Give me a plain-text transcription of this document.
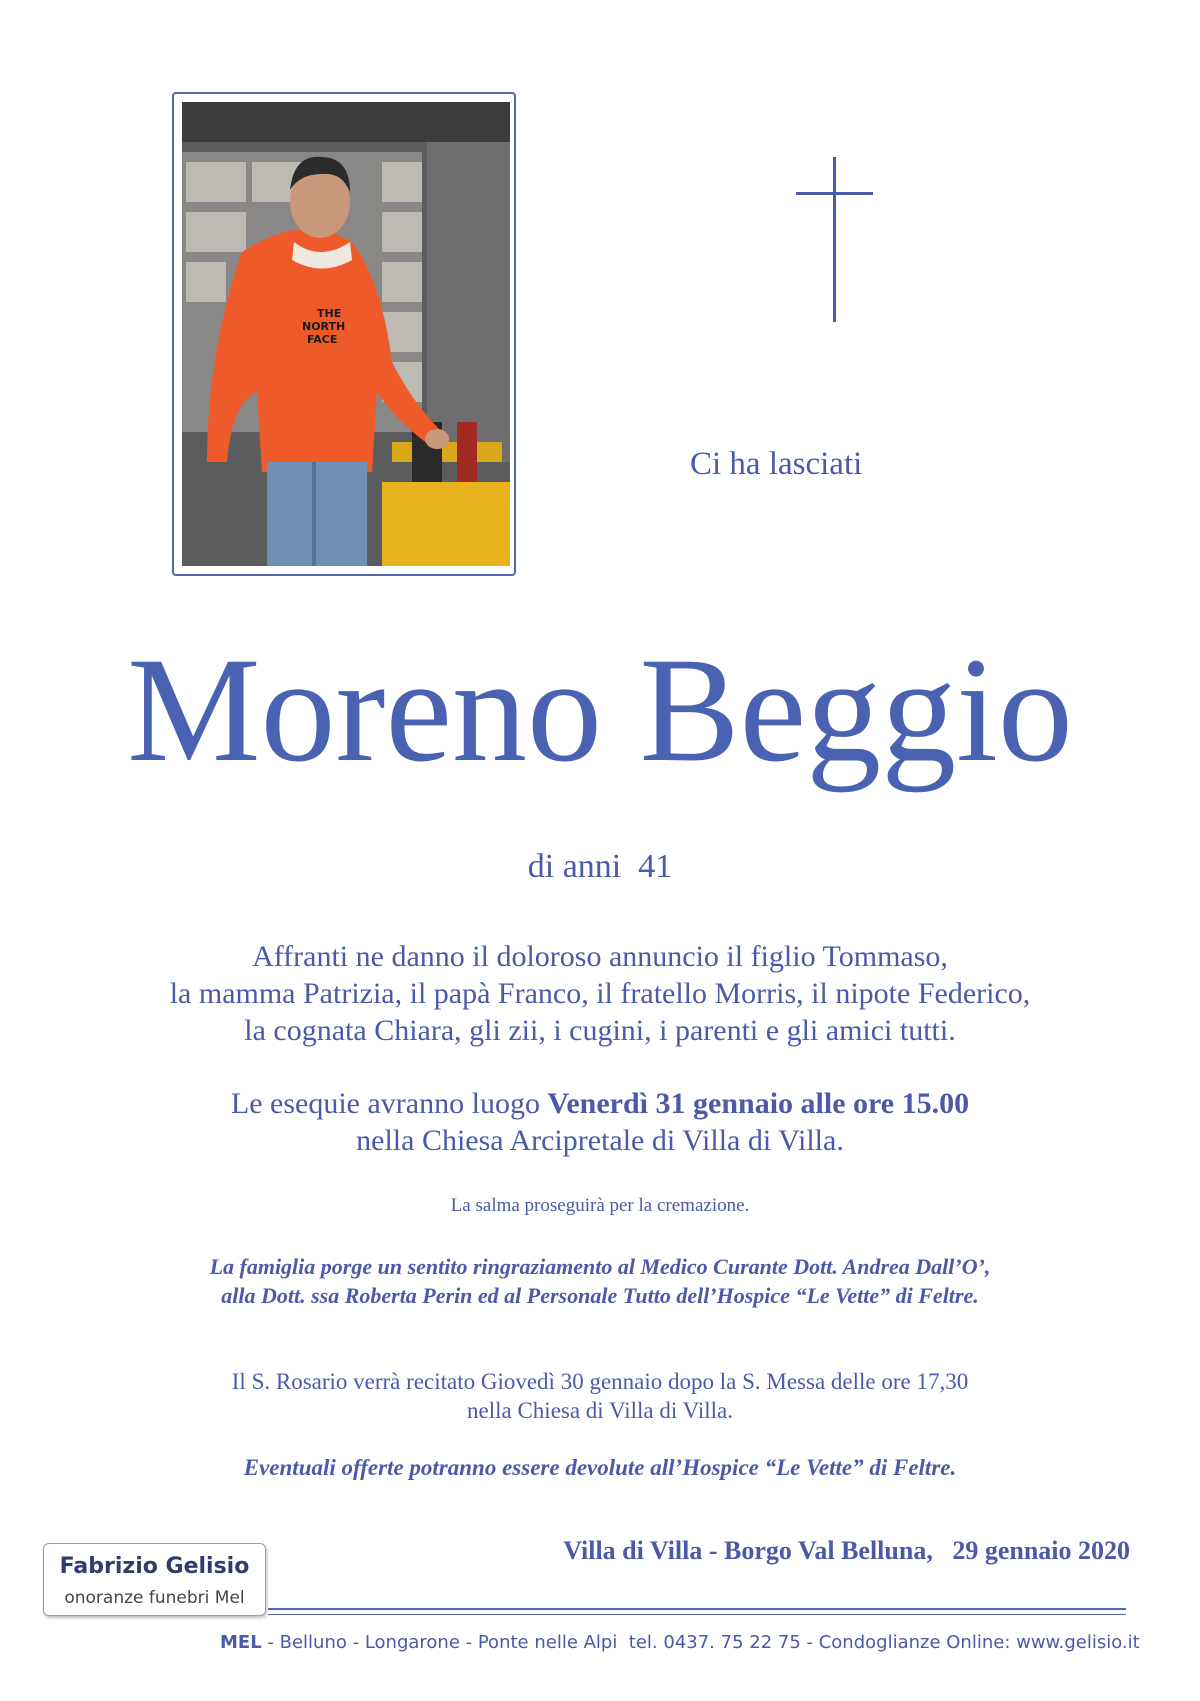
THE
NORTH
FACE
Ci ha lasciati
Moreno Beggio
di anni  41
Affranti ne danno il doloroso annuncio il figlio Tommaso,
la mamma Patrizia, il papà Franco, il fratello Morris, il nipote Federico,
la cognata Chiara, gli zii, i cugini, i parenti e gli amici tutti.
Le esequie avranno luogo Venerdì 31 gennaio alle ore 15.00
nella Chiesa Arcipretale di Villa di Villa.
La salma proseguirà per la cremazione.
La famiglia porge un sentito ringraziamento al Medico Curante Dott. Andrea Dall’O’,
alla Dott. ssa Roberta Perin ed al Personale Tutto dell’Hospice “Le Vette” di Feltre.
Il S. Rosario verrà recitato Giovedì 30 gennaio dopo la S. Messa delle ore 17,30
nella Chiesa di Villa di Villa.
Eventuali offerte potranno essere devolute all’Hospice “Le Vette” di Feltre.
Villa di Villa - Borgo Val Belluna,   29 gennaio 2020
Fabrizio Gelisio
onoranze funebri Mel
MEL - Belluno - Longarone - Ponte nelle Alpi  tel. 0437. 75 22 75 - Condoglianze Online: www.gelisio.it
